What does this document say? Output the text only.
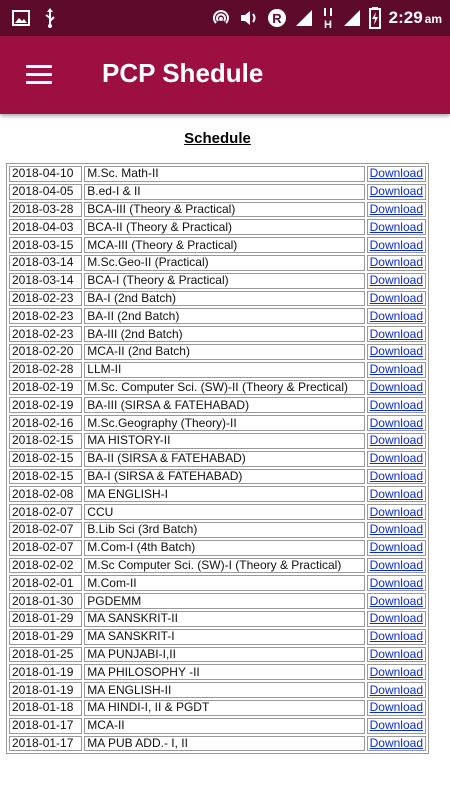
R	H	2:29 am
PCP Shedule
Schedule
2018-04-10	M.Sc. Math-II	Download
2018-04-05	B.ed-I & II	Download
2018-03-28	BCA-III (Theory & Practical)	Download
2018-04-03	BCA-II (Theory & Practical)	Download
2018-03-15	MCA-III (Theory & Practical)	Download
2018-03-14	M.Sc.Geo-II (Practical)	Download
2018-03-14	BCA-I (Theory & Practical)	Download
2018-02-23	BA-I (2nd Batch)	Download
2018-02-23	BA-II (2nd Batch)	Download
2018-02-23	BA-III (2nd Batch)	Download
2018-02-20	MCA-II (2nd Batch)	Download
2018-02-28	LLM-II	Download
2018-02-19	M.Sc. Computer Sci. (SW)-II (Theory & Prectical)	Download
2018-02-19	BA-III (SIRSA & FATEHABAD)	Download
2018-02-16	M.Sc.Geography (Theory)-II	Download
2018-02-15	MA HISTORY-II	Download
2018-02-15	BA-II (SIRSA & FATEHABAD)	Download
2018-02-15	BA-I (SIRSA & FATEHABAD)	Download
2018-02-08	MA ENGLISH-I	Download
2018-02-07	CCU	Download
2018-02-07	B.Lib Sci (3rd Batch)	Download
2018-02-07	M.Com-I (4th Batch)	Download
2018-02-02	M.Sc Computer Sci. (SW)-I (Theory & Practical)	Download
2018-02-01	M.Com-II	Download
2018-01-30	PGDEMM	Download
2018-01-29	MA SANSKRIT-II	Download
2018-01-29	MA SANSKRIT-I	Download
2018-01-25	MA PUNJABI-I,II	Download
2018-01-19	MA PHILOSOPHY -II	Download
2018-01-19	MA ENGLISH-II	Download
2018-01-18	MA HINDI-I, II & PGDT	Download
2018-01-17	MCA-II	Download
2018-01-17	MA PUB ADD.- I, II	Download
